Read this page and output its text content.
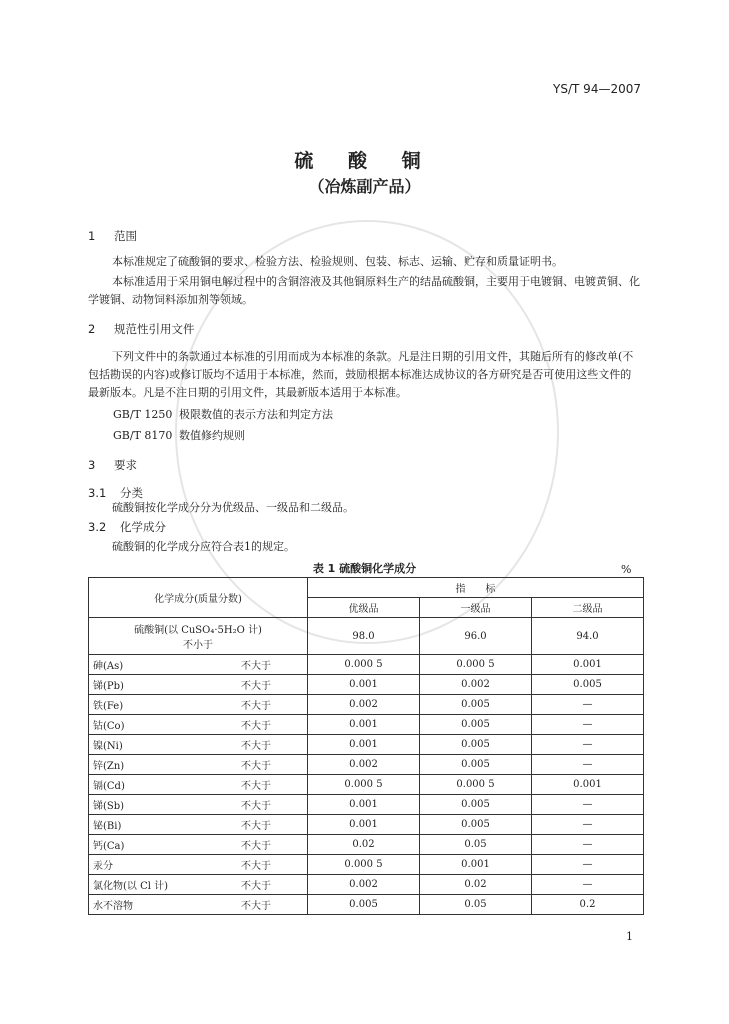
YS/T 94—2007
硫 酸 铜
（冶炼副产品）
1 范围
本标准规定了硫酸铜的要求、检验方法、检验规则、包装、标志、运输、贮存和质量证明书。
本标准适用于采用铜电解过程中的含铜溶液及其他铜原料生产的结晶硫酸铜，主要用于电镀铜、电镀黄铜、化学镀铜、动物饲料添加剂等领域。
2 规范性引用文件
下列文件中的条款通过本标准的引用而成为本标准的条款。凡是注日期的引用文件，其随后所有的修改单(不包括勘误的内容)或修订版均不适用于本标准，然而，鼓励根据本标准达成协议的各方研究是否可使用这些文件的最新版本。凡是不注日期的引用文件，其最新版本适用于本标准。
GB/T 1250 极限数值的表示方法和判定方法
GB/T 8170 数值修约规则
3 要求
3.1 分类
硫酸铜按化学成分分为优级品、一级品和二级品。
3.2 化学成分
硫酸铜的化学成分应符合表1的规定。
表 1 硫酸铜化学成分	%
化学成分(质量分数)		指　　标		
		优级品	一级品	二级品

硫酸铜(以 CuSO₄·5H₂O 计)
不小于		98.0	96.0	94.0
砷(As)	不大于	0.000 5	0.000 5	0.001
锑(Pb)	不大于	0.001	0.002	0.005
铁(Fe)	不大于	0.002	0.005	—
钴(Co)	不大于	0.001	0.005	—
镍(Ni)	不大于	0.001	0.005	—
锌(Zn)	不大于	0.002	0.005	—
镉(Cd)	不大于	0.000 5	0.000 5	0.001
锑(Sb)	不大于	0.001	0.005	—
铋(Bi)	不大于	0.001	0.005	—
钙(Ca)	不大于	0.02	0.05	—
汞分	不大于	0.000 5	0.001	—
氯化物(以 Cl 计)	不大于	0.002	0.02	—
水不溶物	不大于	0.005	0.05	0.2
1
